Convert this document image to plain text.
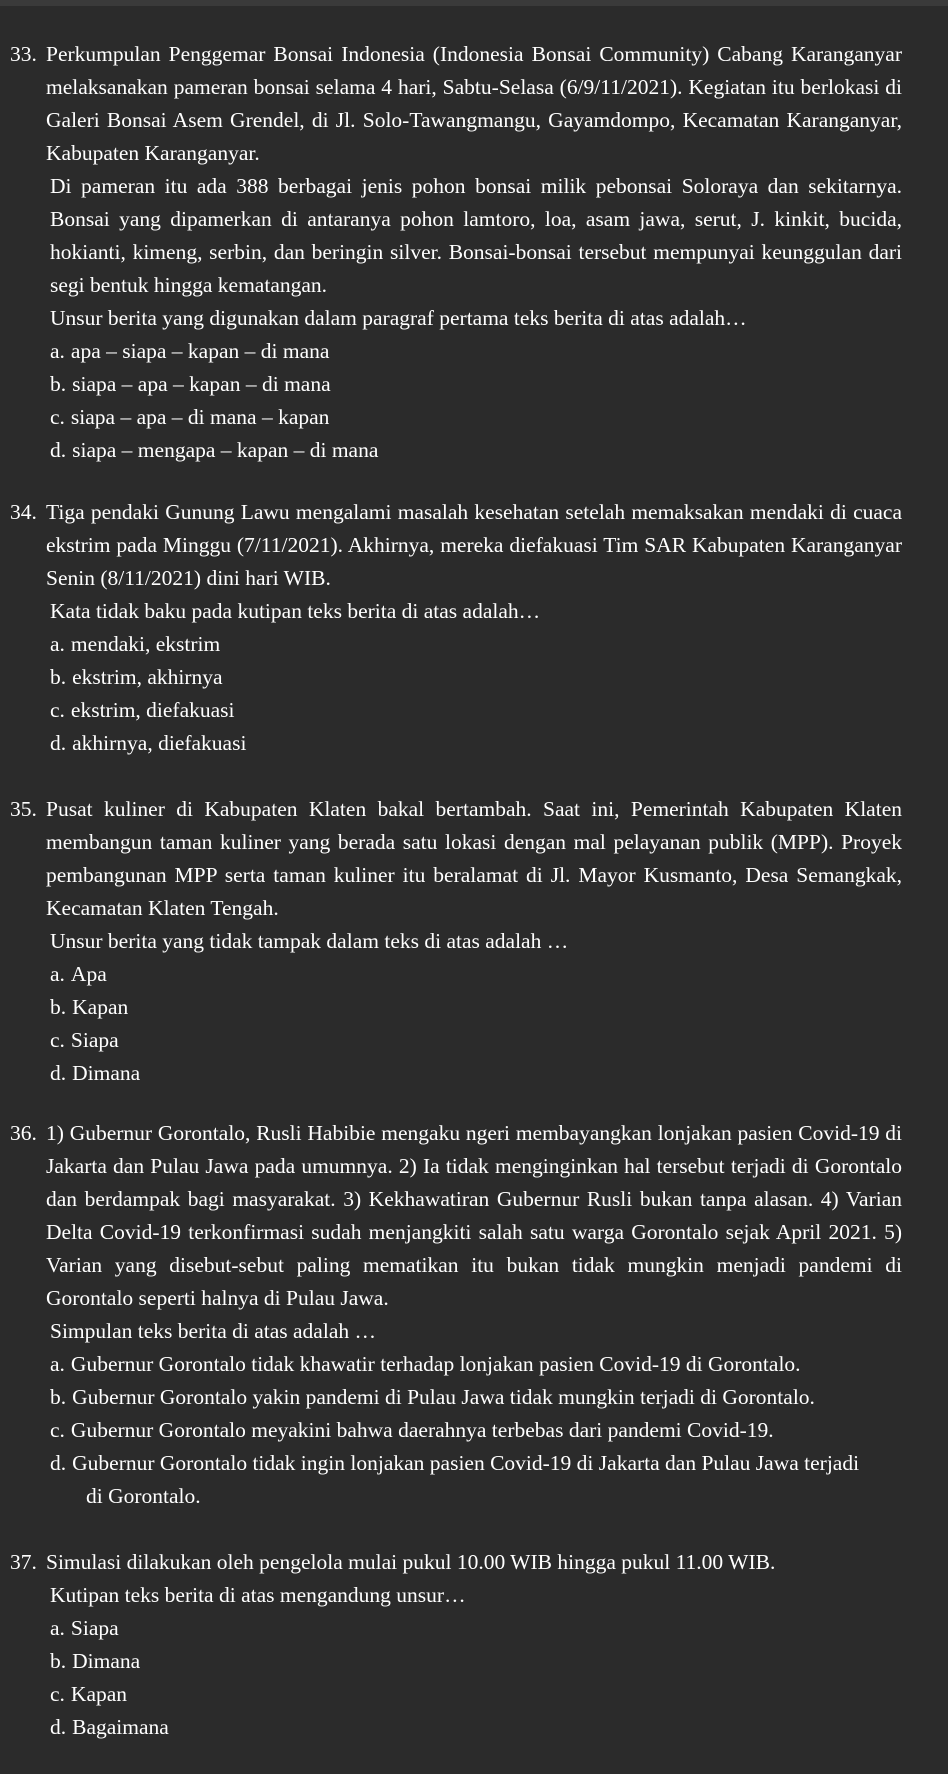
33. Perkumpulan Penggemar Bonsai Indonesia (Indonesia Bonsai Community) Cabang Karanganyar melaksanakan pameran bonsai selama 4 hari, Sabtu-Selasa (6/9/11/2021). Kegiatan itu berlokasi di Galeri Bonsai Asem Grendel, di Jl. Solo-Tawangmangu, Gayamdompo, Kecamatan Karanganyar, Kabupaten Karanganyar.
Di pameran itu ada 388 berbagai jenis pohon bonsai milik pebonsai Soloraya dan sekitarnya. Bonsai yang dipamerkan di antaranya pohon lamtoro, loa, asam jawa, serut, J. kinkit, bucida, hokianti, kimeng, serbin, dan beringin silver. Bonsai-bonsai tersebut mempunyai keunggulan dari segi bentuk hingga kematangan.
Unsur berita yang digunakan dalam paragraf pertama teks berita di atas adalah…
a. apa – siapa – kapan – di mana
b. siapa – apa – kapan – di mana
c. siapa – apa – di mana – kapan
d. siapa – mengapa – kapan – di mana
34. Tiga pendaki Gunung Lawu mengalami masalah kesehatan setelah memaksakan mendaki di cuaca ekstrim pada Minggu (7/11/2021). Akhirnya, mereka diefakuasi Tim SAR Kabupaten Karanganyar Senin (8/11/2021) dini hari WIB.
Kata tidak baku pada kutipan teks berita di atas adalah…
a. mendaki, ekstrim
b. ekstrim, akhirnya
c. ekstrim, diefakuasi
d. akhirnya, diefakuasi
35. Pusat kuliner di Kabupaten Klaten bakal bertambah. Saat ini, Pemerintah Kabupaten Klaten membangun taman kuliner yang berada satu lokasi dengan mal pelayanan publik (MPP). Proyek pembangunan MPP serta taman kuliner itu beralamat di Jl. Mayor Kusmanto, Desa Semangkak, Kecamatan Klaten Tengah.
Unsur berita yang tidak tampak dalam teks di atas adalah …
a. Apa
b. Kapan
c. Siapa
d. Dimana
36. 1) Gubernur Gorontalo, Rusli Habibie mengaku ngeri membayangkan lonjakan pasien Covid-19 di Jakarta dan Pulau Jawa pada umumnya. 2) Ia tidak menginginkan hal tersebut terjadi di Gorontalo dan berdampak bagi masyarakat. 3) Kekhawatiran Gubernur Rusli bukan tanpa alasan. 4) Varian Delta Covid-19 terkonfirmasi sudah menjangkiti salah satu warga Gorontalo sejak April 2021. 5) Varian yang disebut-sebut paling mematikan itu bukan tidak mungkin menjadi pandemi di Gorontalo seperti halnya di Pulau Jawa.
Simpulan teks berita di atas adalah …
a. Gubernur Gorontalo tidak khawatir terhadap lonjakan pasien Covid-19 di Gorontalo.
b. Gubernur Gorontalo yakin pandemi di Pulau Jawa tidak mungkin terjadi di Gorontalo.
c. Gubernur Gorontalo meyakini bahwa daerahnya terbebas dari pandemi Covid-19.
d. Gubernur Gorontalo tidak ingin lonjakan pasien Covid-19 di Jakarta dan Pulau Jawa terjadi
di Gorontalo.
37. Simulasi dilakukan oleh pengelola mulai pukul 10.00 WIB hingga pukul 11.00 WIB.
Kutipan teks berita di atas mengandung unsur…
a. Siapa
b. Dimana
c. Kapan
d. Bagaimana
